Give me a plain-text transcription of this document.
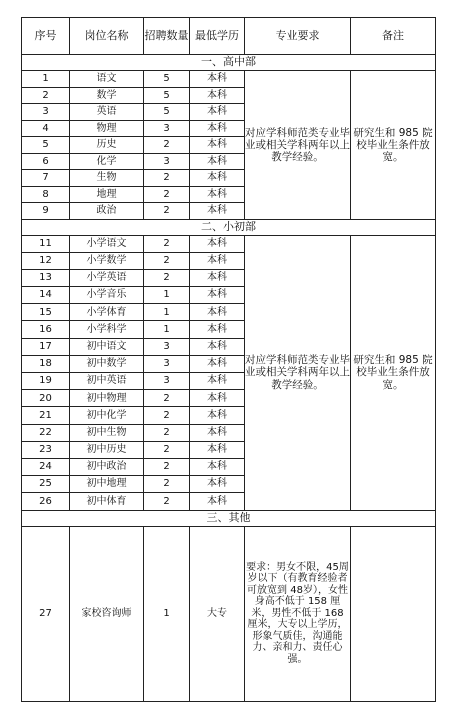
序号	岗位名称	招聘数量	最低学历	专业要求	备注
一、高中部					
1	语文	5	本科	对应学科师范类专业毕业或相关学科两年以上教学经验。	研究生和 985 院校毕业生条件放宽。
2	数学	5	本科		
3	英语	5	本科		
4	物理	3	本科		
5	历史	2	本科		
6	化学	3	本科		
7	生物	2	本科		
8	地理	2	本科		
9	政治	2	本科		
二、小初部					
11	小学语文	2	本科	对应学科师范类专业毕业或相关学科两年以上教学经验。	研究生和 985 院校毕业生条件放宽。
12	小学数学	2	本科		
13	小学英语	2	本科		
14	小学音乐	1	本科		
15	小学体育	1	本科		
16	小学科学	1	本科		
17	初中语文	3	本科		
18	初中数学	3	本科		
19	初中英语	3	本科		
20	初中物理	2	本科		
21	初中化学	2	本科		
22	初中生物	2	本科		
23	初中历史	2	本科		
24	初中政治	2	本科		
25	初中地理	2	本科		
26	初中体育	2	本科		
三、其他					
27	家校咨询师	1	大专	要求：男女不限，45周岁以下（有教育经验者可放宽到 48岁），女性身高不低于 158 厘米，男性不低于 168 厘米，大专以上学历，形象气质佳，沟通能力、亲和力、责任心强。	
